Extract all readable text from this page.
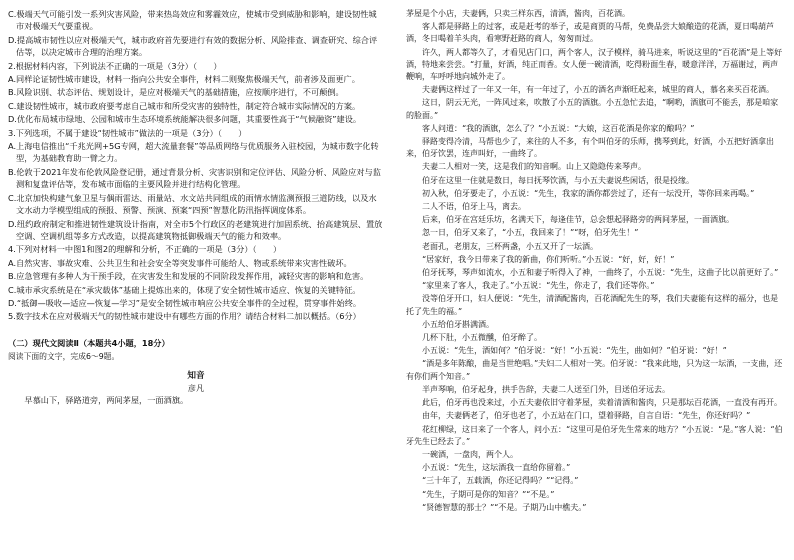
C.极端天气可能引发一系列灾害风险，带来热岛效应和雾霾效应，使城市受到威胁和影响，建设韧性城市对极端天气要重视。

D.提高城市韧性以应对极端天气，城市政府首先要进行有效的数据分析、风险排查、调查研究、综合评估等，以决定城市合理的治理方案。

2.根据材料内容，下列说法不正确的一项是（3分）（　　）

A.同样论证韧性城市建设，材料一指向公共安全事件，材料二则聚焦极端天气，前者涉及面更广。

B.风险识别、状态评估、规划设计，是应对极端天气的基础措施，应按顺序进行，不可颠倒。

C.建设韧性城市，城市政府要考虑自己城市和所受灾害的独特性，制定符合城市实际情况的方案。

D.优化布局城市绿地、公园和城市生态环境系统能解决很多问题，其重要性高于“气候融资”建设。

3.下列选项，不属于建设“韧性城市”做法的一项是（3分）（　　）

A.上海电信推出“千兆光网+5G专网，超大流量套餐”等品质网络与优质服务入驻校园，为城市数字化转型，为基础教育助一臂之力。

B.伦敦于2021年发布伦敦风险登记册，通过背景分析、灾害识别和定位评估、风险分析、风险应对与监测和复盘评估等，发布城市面临的主要风险并进行结构化管理。

C.北京加快构建气象卫星与偶雨雷达、雨量站、水文站共同组成的雨情水情监测预报三道防线，以及水文水动力学模型组成的预报、预警、预演、预案“四预”智慧化防汛指挥调度体系。

D.纽约政府制定和推进韧性建筑设计指南，对全市5个行政区的老建筑进行加固系统、抬高建筑层、置放空调、空调机组等多方式改造，以提高建筑物抵御极端天气的能力和效率。

4.下列对材料一中图1和图2的理解和分析，不正确的一项是（3分）（　　）

A.自然灾害、事故灾难、公共卫生和社会安全等突发事件可能给人、物或系统带来灾害性破坏。

B.应急管理有多种人为干预手段，在灾害发生和发展的不同阶段发挥作用，减轻灾害的影响和危害。

C.城市承灾系统是在“承灾载体”基础上提炼出来的，体现了安全韧性城市适应、恢复的关键特征。

D.“抵御—吸收—适应—恢复—学习”是安全韧性城市响应公共安全事件的全过程，贯穿事件始终。

5.数字技术在应对极端天气的韧性城市建设中有哪些方面的作用？请结合材料二加以概括。（6分）

（二）现代文阅读Ⅱ（本题共4小题，18分）
阅读下面的文字，完成6～9题。
知音
彦凡
早慕山下，驿路道旁，两间茅屋，一面酒旗。

茅屋是个小店，夫妻俩，只卖三样东西，清酒，酱肉，百花酒。

客人都是驿路上的过客，或是赶考的举子，或是商贾的马帮，免费品尝大娘酿造的花酒，夏日喝葫芦酒，冬日喝着羊头肉，看寒野赶路的商人，匆匆而过。

许久，两人都等久了，才看见店门口，两个客人，汉子模样，骑马进来，听说这里的“百花酒”是上等好酒，特地来尝尝。“打量，好酒，纯正而香。女人便一碗清酒，吃得粉面生春，暖意洋洋，万福谢过，两声鞭响，车呼呼地向城外走了。

夫妻俩这样过了一年又一年，有一年过了，小五的酒名声渐旺起来，城里的商人，慕名来买百花酒。

这日，阴云无光，一阵风过来，吹散了小五的酒旗。小五急忙去追，“啊哟，酒旗可不能丢，那是咱家的脸面。”

客人问道：“我的酒旗，怎么了？”小五说：“大娘，这百花酒是你家的酿吗？”

驿路变得冷清，马帮也少了，来往的人不多，有个叫伯牙的乐师，携琴到此，好酒，小五把好酒拿出来，伯牙饮罢，连声叫好，一曲终了。

夫妻二人相对一笑，这是我们的知音啊。山上又隐隐传来琴声。

伯牙在这里一住就是数日，每日抚琴饮酒，与小五夫妻说些闲话，很是投缘。

初入秋，伯牙要走了，小五说：“先生，我家的酒你都尝过了，还有一坛没开，等你回来再喝。”

二人不语，伯牙上马，离去。

后来，伯牙在宫廷乐坊，名满天下，每逢佳节，总会想起驿路旁的两间茅屋，一面酒旗。

忽一日，伯牙又来了，“小五，我回来了！”“呀，伯牙先生！”

老面孔，老朋友，三杯两盏，小五又开了一坛酒。

“居家好，我今日带来了我的新曲，你们听听。”小五说：“好，好，好！”

伯牙抚琴，琴声如流水，小五和妻子听得入了神，一曲终了，小五说：“先生，这曲子比以前更好了。”

“家里来了客人，我走了。”小五说：“先生，你走了，我们还等你。”

没等伯牙开口，妇人便说：“先生，清酒配酱肉，百花酒配先生的琴，我们夫妻能有这样的福分，也是托了先生的福。”

小五给伯牙斟满酒。

几杯下肚，小五微醺，伯牙醉了。

小五说：“先生，酒如何？”伯牙说：“好！”小五说：“先生，曲如何？”伯牙说：“好！”

“酒是多年陈酿，曲是当世绝唱。”夫妇二人相对一笑。伯牙说：“我来此地，只为这一坛酒，一支曲，还有你们两个知音。”

半声琴响，伯牙起身，拱手告辞，夫妻二人送至门外，目送伯牙远去。

此后，伯牙再也没来过，小五夫妻依旧守着茅屋，卖着清酒和酱肉，只是那坛百花酒，一直没有再开。

由年，夫妻俩老了，伯牙也老了，小五站在门口，望着驿路，自言自语：“先生，你还好吗？”

花红柳绿，这日来了一个客人，问小五：“这里可是伯牙先生常来的地方？”小五说：“是。”客人说：“伯牙先生已经去了。”

一碗酒，一盘肉，两个人。

小五说：“先生，这坛酒我一直给你留着。”

“三十年了，五载酒，你还记得吗？”“记得。”

“先生，子期可是你的知音？”“不是。”

“贤德智慧的那士？”“不是。子期乃山中樵夫。”
